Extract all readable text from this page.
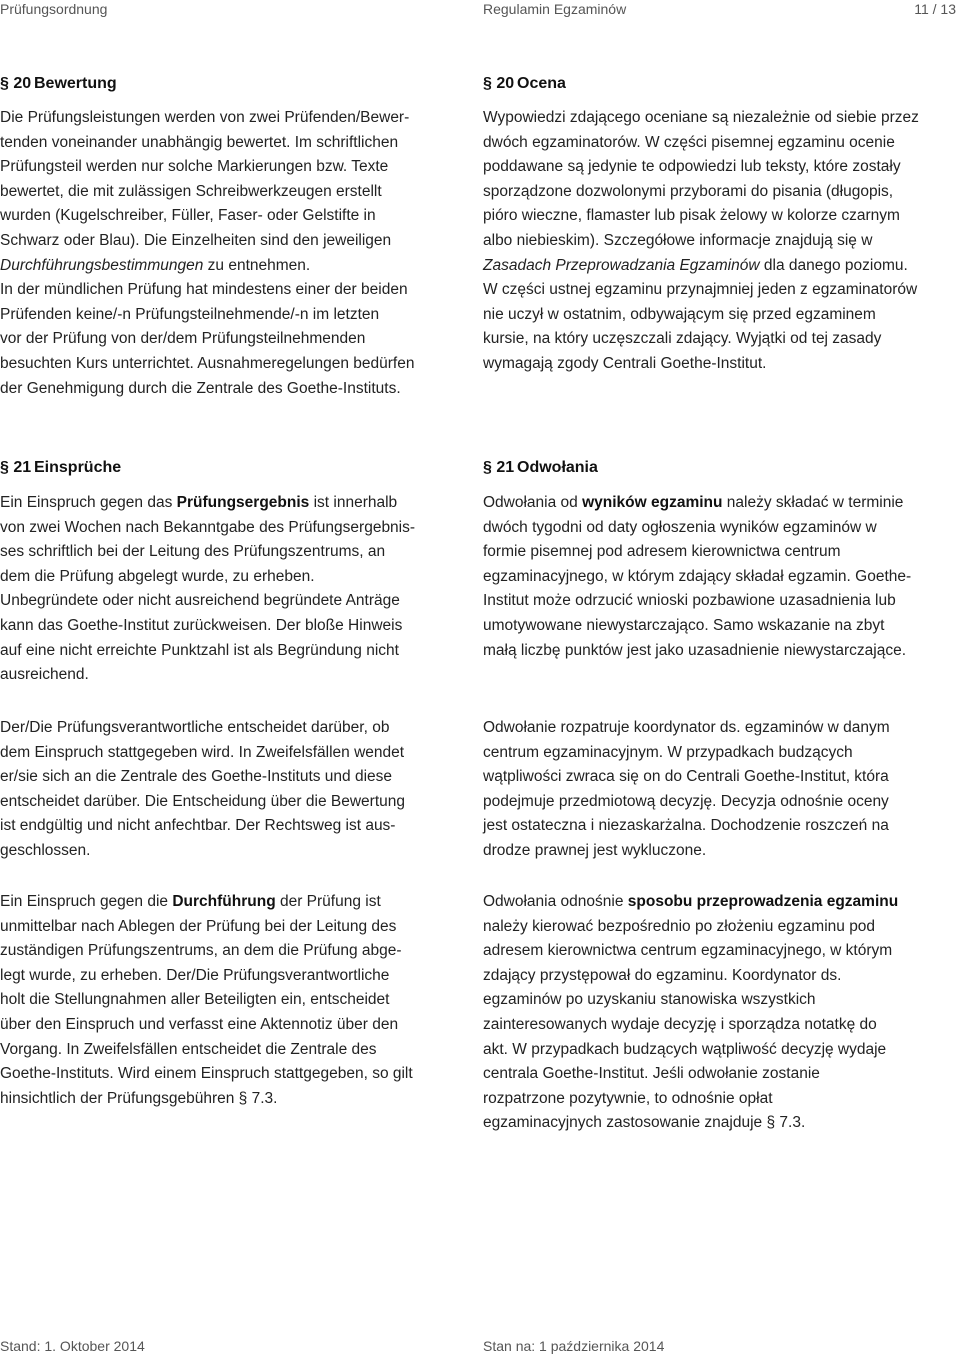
Prüfungsordnung	Regulamin Egzaminów	11 / 13
§ 20 Bewertung	§ 20 Ocena

Die Prüfungsleistungen werden von zwei Prüfenden/Bewer-
tenden voneinander unabhängig bewertet. Im schriftlichen
Prüfungsteil werden nur solche Markierungen bzw. Texte
bewertet, die mit zulässigen Schreibwerkzeugen erstellt
wurden (Kugelschreiber, Füller, Faser- oder Gelstifte in
Schwarz oder Blau). Die Einzelheiten sind den jeweiligen
Durchführungsbestimmungen zu entnehmen.
In der mündlichen Prüfung hat mindestens einer der beiden
Prüfenden keine/-n Prüfungsteilnehmende/-n im letzten
vor der Prüfung von der/dem Prüfungsteilnehmenden
besuchten Kurs unterrichtet. Ausnahmeregelungen bedürfen
der Genehmigung durch die Zentrale des Goethe-Instituts.

Wypowiedzi zdającego oceniane są niezależnie od siebie przez
dwóch egzaminatorów. W części pisemnej egzaminu ocenie
poddawane są jedynie te odpowiedzi lub teksty, które zostały
sporządzone dozwolonymi przyborami do pisania (długopis,
pióro wieczne, flamaster lub pisak żelowy w kolorze czarnym
albo niebieskim). Szczegółowe informacje znajdują się w
Zasadach Przeprowadzania Egzaminów dla danego poziomu.
W części ustnej egzaminu przynajmniej jeden z egzaminatorów
nie uczył w ostatnim, odbywającym się przed egzaminem
kursie, na który uczęszczali zdający. Wyjątki od tej zasady
wymagają zgody Centrali Goethe-Institut.

§ 21 Einsprüche	§ 21 Odwołania

Ein Einspruch gegen das Prüfungsergebnis ist innerhalb
von zwei Wochen nach Bekanntgabe des Prüfungsergebnis-
ses schriftlich bei der Leitung des Prüfungszentrums, an
dem die Prüfung abgelegt wurde, zu erheben.
Unbegründete oder nicht ausreichend begründete Anträge
kann das Goethe-Institut zurückweisen. Der bloße Hinweis
auf eine nicht erreichte Punktzahl ist als Begründung nicht
ausreichend.

Der/Die Prüfungsverantwortliche entscheidet darüber, ob
dem Einspruch stattgegeben wird. In Zweifelsfällen wendet
er/sie sich an die Zentrale des Goethe-Instituts und diese
entscheidet darüber. Die Entscheidung über die Bewertung
ist endgültig und nicht anfechtbar. Der Rechtsweg ist aus-
geschlossen.

Ein Einspruch gegen die Durchführung der Prüfung ist
unmittelbar nach Ablegen der Prüfung bei der Leitung des
zuständigen Prüfungszentrums, an dem die Prüfung abge-
legt wurde, zu erheben. Der/Die Prüfungsverantwortliche
holt die Stellungnahmen aller Beteiligten ein, entscheidet
über den Einspruch und verfasst eine Aktennotiz über den
Vorgang. In Zweifelsfällen entscheidet die Zentrale des
Goethe-Instituts. Wird einem Einspruch stattgegeben, so gilt
hinsichtlich der Prüfungsgebühren § 7.3.

Odwołania od wyników egzaminu należy składać w terminie
dwóch tygodni od daty ogłoszenia wyników egzaminów w
formie pisemnej pod adresem kierownictwa centrum
egzaminacyjnego, w którym zdający składał egzamin. Goethe-
Institut może odrzucić wnioski pozbawione uzasadnienia lub
umotywowane niewystarczająco. Samo wskazanie na zbyt
małą liczbę punktów jest jako uzasadnienie niewystarczające.

Odwołanie rozpatruje koordynator ds. egzaminów w danym
centrum egzaminacyjnym. W przypadkach budzących
wątpliwości zwraca się on do Centrali Goethe-Institut, która
podejmuje przedmiotową decyzję. Decyzja odnośnie oceny
jest ostateczna i niezaskarżalna. Dochodzenie roszczeń na
drodze prawnej jest wykluczone.

Odwołania odnośnie sposobu przeprowadzenia egzaminu
należy kierować bezpośrednio po złożeniu egzaminu pod
adresem kierownictwa centrum egzaminacyjnego, w którym
zdający przystępował do egzaminu. Koordynator ds.
egzaminów po uzyskaniu stanowiska wszystkich
zainteresowanych wydaje decyzję i sporządza notatkę do
akt. W przypadkach budzących wątpliwość decyzję wydaje
centrala Goethe-Institut. Jeśli odwołanie zostanie
rozpatrzone pozytywnie, to odnośnie opłat
egzaminacyjnych zastosowanie znajduje § 7.3.

Stand: 1. Oktober 2014	Stan na: 1 października 2014
